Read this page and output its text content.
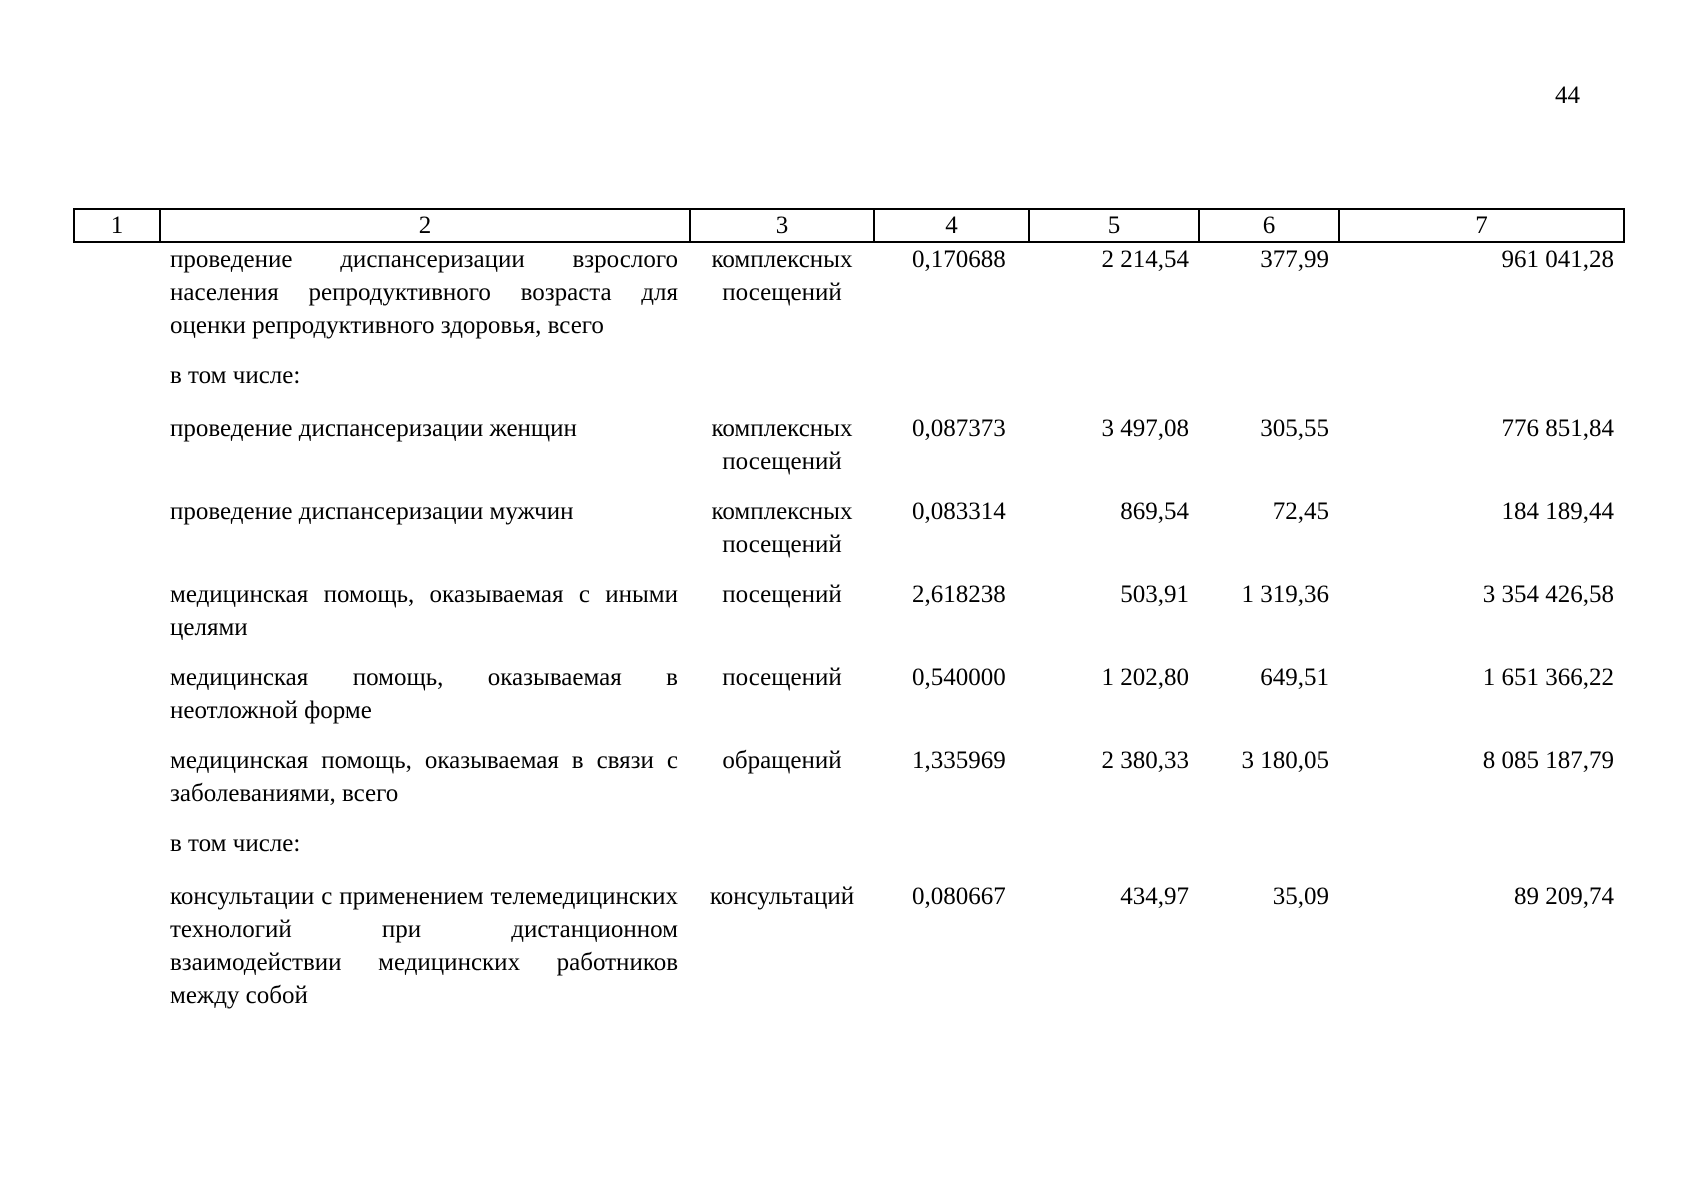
44
1	2	3	4	5	6	7
	проведение диспансеризации взрослого населения репродуктивного возраста для оценки репродуктивного здоровья, всего	комплексных посещений	0,170688	2 214,54	377,99	961 041,28
	в том числе:					
	проведение диспансеризации женщин	комплексных посещений	0,087373	3 497,08	305,55	776 851,84
	проведение диспансеризации мужчин	комплексных посещений	0,083314	869,54	72,45	184 189,44
	медицинская помощь, оказываемая с иными целями	посещений	2,618238	503,91	1 319,36	3 354 426,58
	медицинская помощь, оказываемая в неотложной форме	посещений	0,540000	1 202,80	649,51	1 651 366,22
	медицинская помощь, оказываемая в связи с заболеваниями, всего	обращений	1,335969	2 380,33	3 180,05	8 085 187,79
	в том числе:					
	консультации с применением телемедицинских технологий при дистанционном взаимодействии медицинских работников между собой	консультаций	0,080667	434,97	35,09	89 209,74
